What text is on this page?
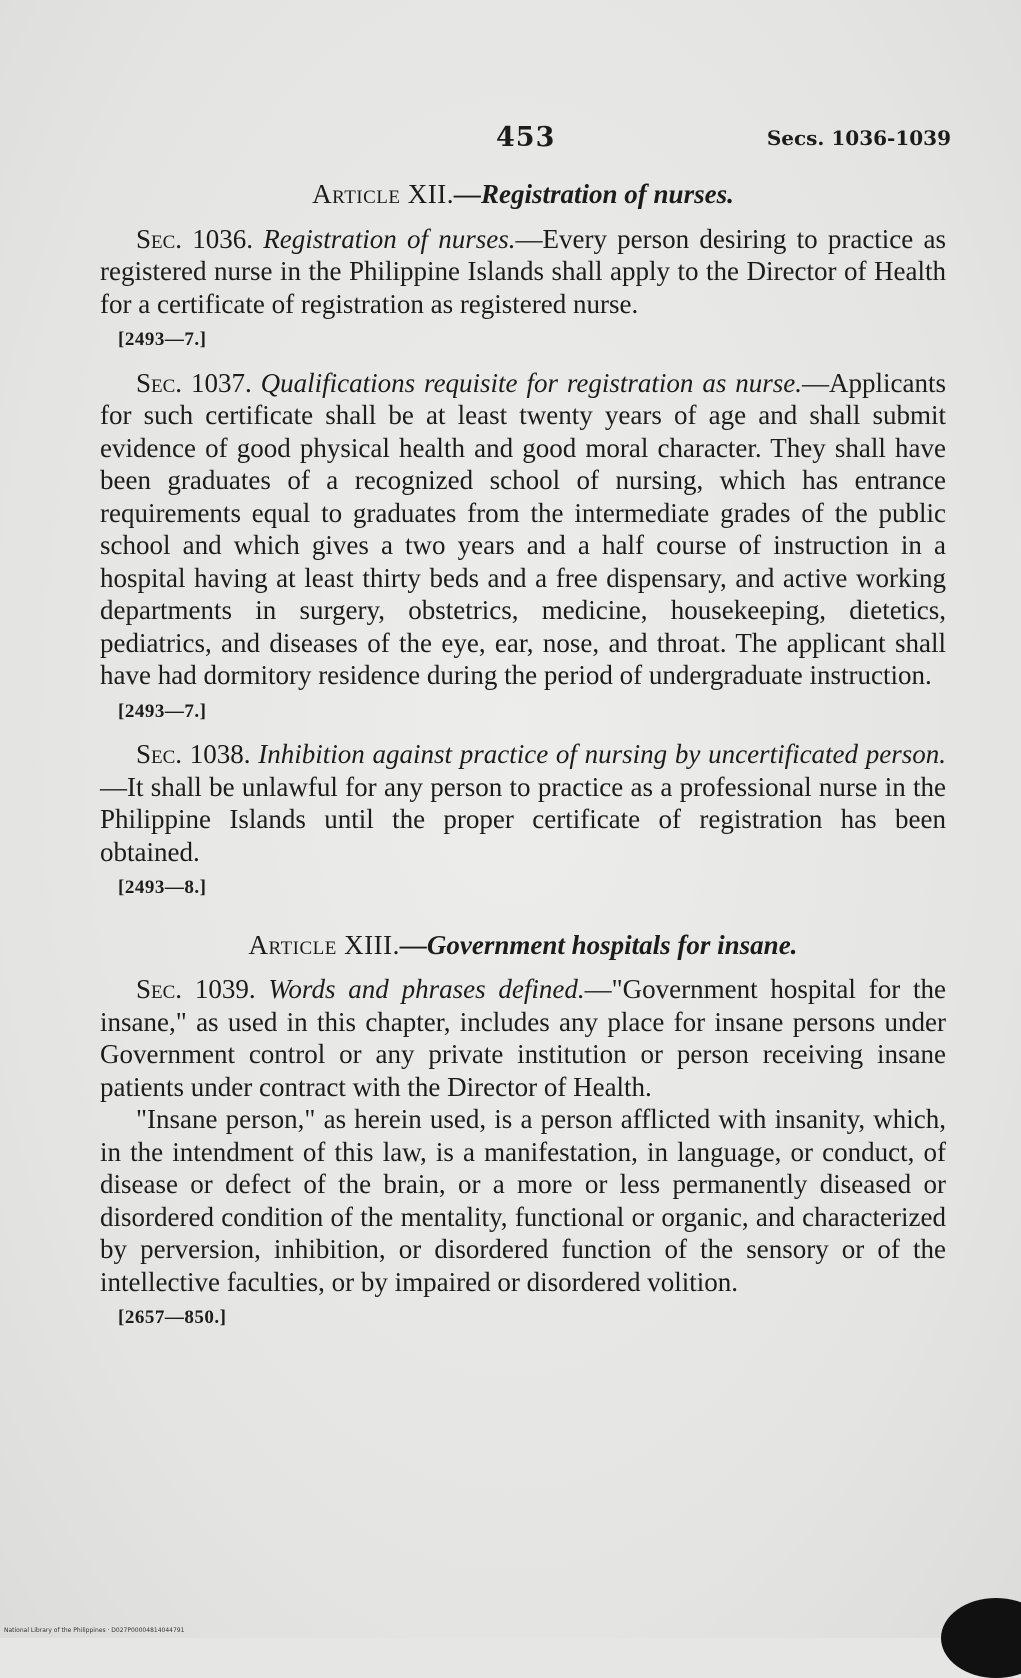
453	Secs. 1036-1039
Article XII.—Registration of nurses.

Sec. 1036. Registration of nurses.—Every person desiring to practice as registered nurse in the Philippine Islands shall apply to the Director of Health for a certificate of registration as registered nurse.

[2493—7.]

Sec. 1037. Qualifications requisite for registration as nurse.—Applicants for such certificate shall be at least twenty years of age and shall submit evidence of good physical health and good moral character. They shall have been graduates of a recognized school of nursing, which has entrance requirements equal to graduates from the intermediate grades of the public school and which gives a two years and a half course of instruction in a hospital having at least thirty beds and a free dispensary, and active working departments in surgery, obstetrics, medicine, housekeeping, dietetics, pediatrics, and diseases of the eye, ear, nose, and throat. The applicant shall have had dormitory residence during the period of undergraduate instruction.

[2493—7.]

Sec. 1038. Inhibition against practice of nursing by uncertificated person.—It shall be unlawful for any person to practice as a professional nurse in the Philippine Islands until the proper certificate of registration has been obtained.

[2493—8.]
Article XIII.—Government hospitals for insane.

Sec. 1039. Words and phrases defined.—"Government hospital for the insane," as used in this chapter, includes any place for insane persons under Government control or any private institution or person receiving insane patients under contract with the Director of Health.

"Insane person," as herein used, is a person afflicted with insanity, which, in the intendment of this law, is a manifestation, in language, or conduct, of disease or defect of the brain, or a more or less permanently diseased or disordered condition of the mentality, functional or organic, and characterized by perversion, inhibition, or disordered function of the sensory or of the intellective faculties, or by impaired or disordered volition.

[2657—850.]
National Library of the Philippines · D027P00004814044791
